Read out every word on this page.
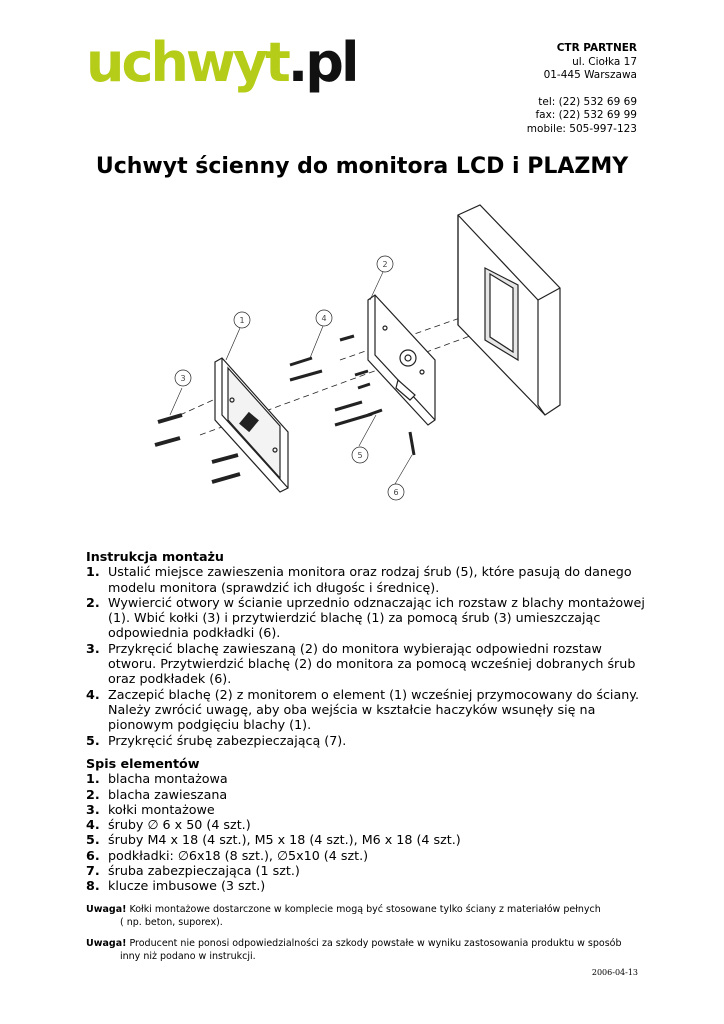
uchwyt.pl	CTR PARTNER
ul. Ciołka 17
01-445 Warszawa
tel: (22) 532 69 69
fax: (22) 532 69 99
mobile: 505-997-123
Uchwyt ścienny do monitora LCD i PLAZMY
1
2
3
4
5
6
Instrukcja montażu
1. Ustalić miejsce zawieszenia monitora oraz rodzaj śrub (5), które pasują do danego modelu monitora (sprawdzić ich długośc i średnicę).
2. Wywiercić otwory w ścianie uprzednio odznaczając ich rozstaw z blachy montażowej (1). Wbić kołki (3) i przytwierdzić blachę (1) za pomocą śrub (3) umieszczając odpowiednia podkładki (6).
3. Przykręcić blachę zawieszaną (2) do monitora wybierając odpowiedni rozstaw otworu. Przytwierdzić blachę (2) do monitora za pomocą wcześniej dobranych śrub oraz podkładek (6).
4. Zaczepić blachę (2) z monitorem o element (1) wcześniej przymocowany do ściany. Należy zwrócić uwagę, aby oba wejścia w kształcie haczyków wsunęły się na pionowym podgięciu blachy (1).
5. Przykręcić śrubę zabezpieczającą (7).
Spis elementów
1. blacha montażowa
2. blacha zawieszana
3. kołki montażowe
4. śruby ∅ 6 x 50 (4 szt.)
5. śruby M4 x 18 (4 szt.), M5 x 18 (4 szt.), M6 x 18 (4 szt.)
6. podkładki: ∅6x18 (8 szt.), ∅5x10 (4 szt.)
7. śruba zabezpieczająca (1 szt.)
8. klucze imbusowe (3 szt.)
Uwaga! Kołki montażowe dostarczone w komplecie mogą być stosowane tylko ściany z materiałów pełnych
( np. beton, suporex).
Uwaga! Producent nie ponosi odpowiedzialności za szkody powstałe w wyniku zastosowania produktu w sposób
inny niż podano w instrukcji.
2006-04-13
